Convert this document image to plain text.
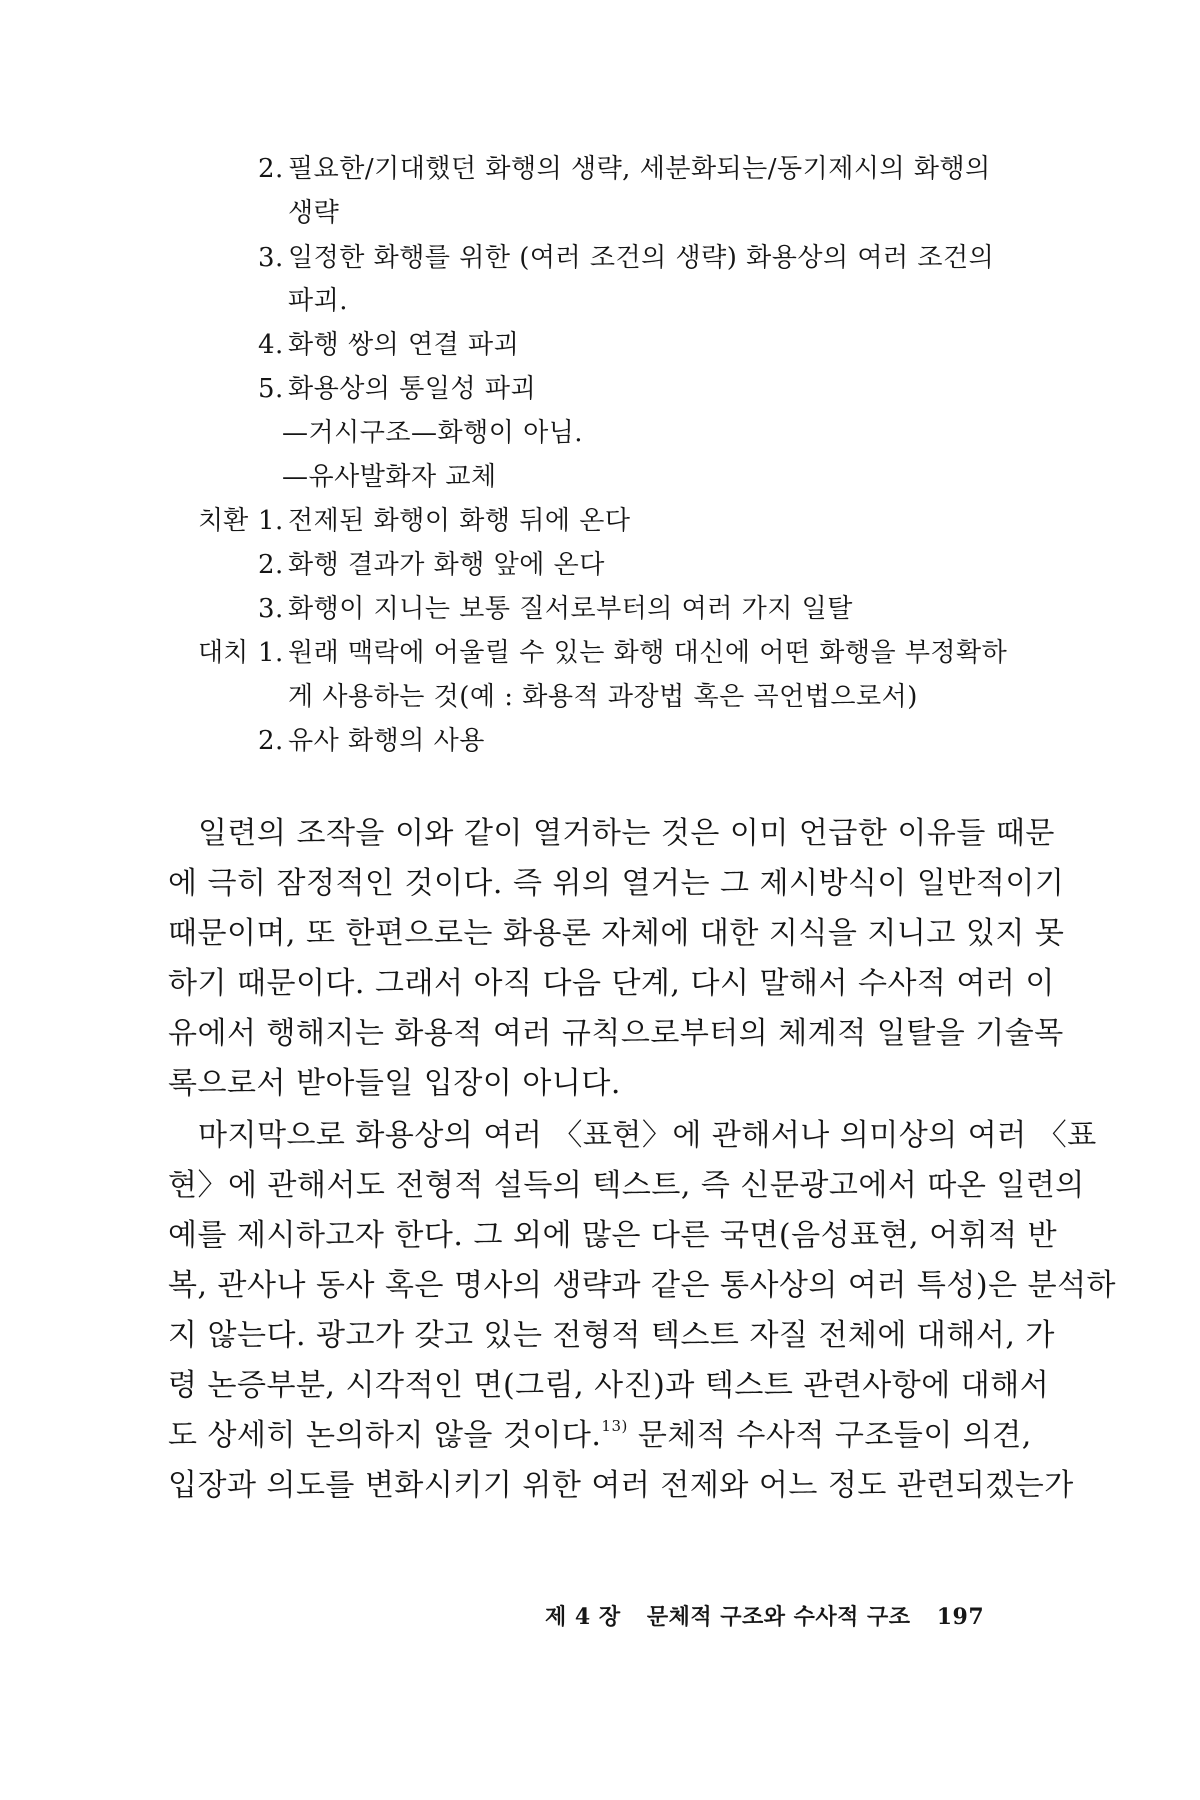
2. 필요한/기대했던 화행의 생략, 세분화되는/동기제시의 화행의
생략
3. 일정한 화행를 위한 (여러 조건의 생략) 화용상의 여러 조건의
파괴.
4. 화행 쌍의 연결 파괴
5. 화용상의 통일성 파괴
—거시구조—화행이 아님.
—유사발화자 교체
치환 1. 전제된 화행이 화행 뒤에 온다
2. 화행 결과가 화행 앞에 온다
3. 화행이 지니는 보통 질서로부터의 여러 가지 일탈
대치 1. 원래 맥락에 어울릴 수 있는 화행 대신에 어떤 화행을 부정확하
게 사용하는 것(예 : 화용적 과장법 혹은 곡언법으로서)
2. 유사 화행의 사용
일련의 조작을 이와 같이 열거하는 것은 이미 언급한 이유들 때문
에 극히 잠정적인 것이다. 즉 위의 열거는 그 제시방식이 일반적이기
때문이며, 또 한편으로는 화용론 자체에 대한 지식을 지니고 있지 못
하기 때문이다. 그래서 아직 다음 단계, 다시 말해서 수사적 여러 이
유에서 행해지는 화용적 여러 규칙으로부터의 체계적 일탈을 기술목
록으로서 받아들일 입장이 아니다.
마지막으로 화용상의 여러 〈표현〉에 관해서나 의미상의 여러 〈표
현〉에 관해서도 전형적 설득의 텍스트, 즉 신문광고에서 따온 일련의
예를 제시하고자 한다. 그 외에 많은 다른 국면(음성표현, 어휘적 반
복, 관사나 동사 혹은 명사의 생략과 같은 통사상의 여러 특성)은 분석하
지 않는다. 광고가 갖고 있는 전형적 텍스트 자질 전체에 대해서, 가
령 논증부분, 시각적인 면(그림, 사진)과 텍스트 관련사항에 대해서
도 상세히 논의하지 않을 것이다.$^{13)}$ 문체적 수사적 구조들이 의견,
입장과 의도를 변화시키기 위한 여러 전제와 어느 정도 관련되겠는가
제 4 장 문체적 구조와 수사적 구조 197
